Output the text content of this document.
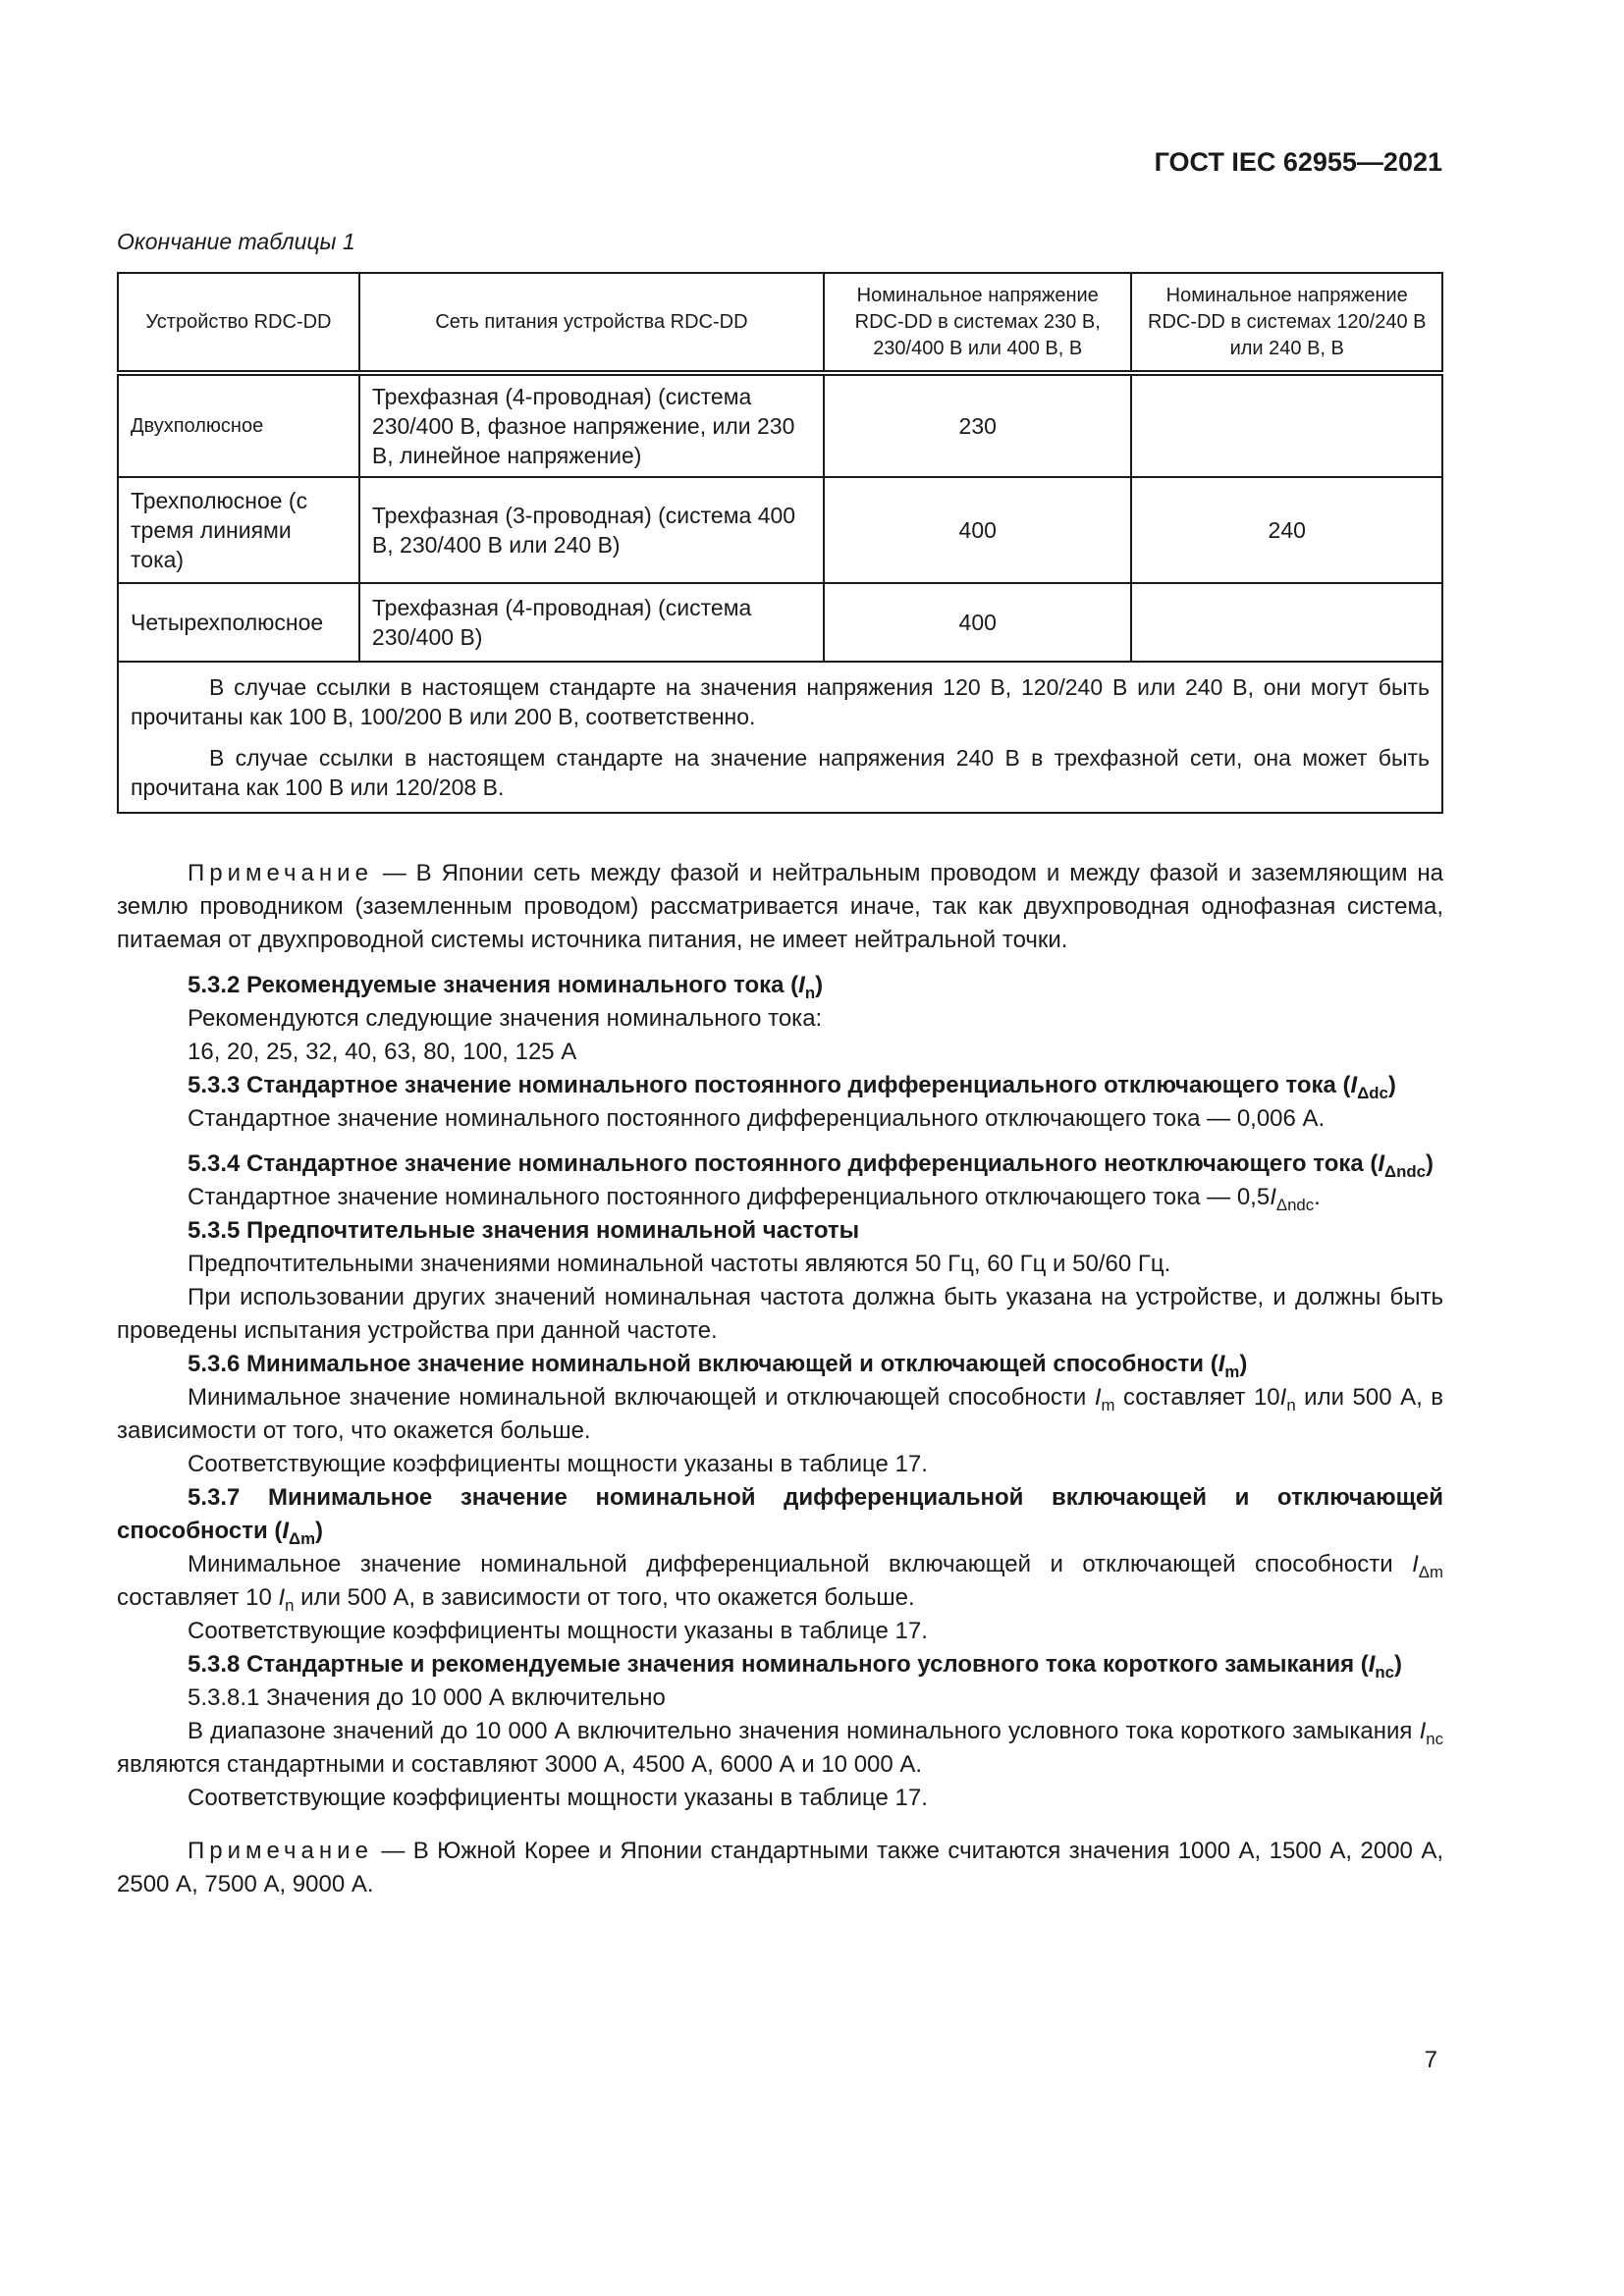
ГОСТ IEC 62955—2021
Окончание таблицы 1
Устройство RDC-DD	Сеть питания устройства RDC-DD	Номинальное напряжение RDC-DD в системах 230 В, 230/400 В или 400 В, В	Номинальное напряжение RDC-DD в системах 120/240 В или 240 В, В
Двухполюсное	Трехфазная (4-проводная) (система 230/400 В, фазное напряжение, или 230 В, линейное напряжение)	230	
Трехполюсное (с тремя линиями тока)	Трехфазная (3-проводная) (система 400 В, 230/400 В или 240 В)	400	240
Четырехполюсное	Трехфазная (4-проводная) (система 230/400 В)	400	

В случае ссылки в настоящем стандарте на значения напряжения 120 В, 120/240 В или 240 В, они могут быть прочитаны как 100 В, 100/200 В или 200 В, соответственно.

В случае ссылки в настоящем стандарте на значение напряжения 240 В в трехфазной сети, она может быть прочитана как 100 В или 120/208 В.			

Примечание — В Японии сеть между фазой и нейтральным проводом и между фазой и заземляющим на землю проводником (заземленным проводом) рассматривается иначе, так как двухпроводная однофазная система, питаемая от двухпроводной системы источника питания, не имеет нейтральной точки.

5.3.2 Рекомендуемые значения номинального тока $(I_n)$

Рекомендуются следующие значения номинального тока:

16, 20, 25, 32, 40, 63, 80, 100, 125 А

5.3.3 Стандартное значение номинального постоянного дифференциального отключающего тока $(I_{\Delta dc})$

Стандартное значение номинального постоянного дифференциального отключающего тока — 0,006 А.

5.3.4 Стандартное значение номинального постоянного дифференциального неотключающего тока $(I_{\Delta ndc})$

Стандартное значение номинального постоянного дифференциального отключающего тока — $0,5I_{\Delta ndc}$.

5.3.5 Предпочтительные значения номинальной частоты

Предпочтительными значениями номинальной частоты являются 50 Гц, 60 Гц и 50/60 Гц.

При использовании других значений номинальная частота должна быть указана на устройстве, и должны быть проведены испытания устройства при данной частоте.

5.3.6 Минимальное значение номинальной включающей и отключающей способности $(I_m)$

Минимальное значение номинальной включающей и отключающей способности $I_m$ составляет $10I_n$ или 500 А, в зависимости от того, что окажется больше.

Соответствующие коэффициенты мощности указаны в таблице 17.

5.3.7 Минимальное значение номинальной дифференциальной включающей и отключающей способности $(I_{\Delta m})$

Минимальное значение номинальной дифференциальной включающей и отключающей способности $I_{\Delta m}$ составляет 10 $I_n$ или 500 А, в зависимости от того, что окажется больше.

Соответствующие коэффициенты мощности указаны в таблице 17.

5.3.8 Стандартные и рекомендуемые значения номинального условного тока короткого замыкания $(I_{nc})$

5.3.8.1 Значения до 10 000 А включительно

В диапазоне значений до 10 000 А включительно значения номинального условного тока короткого замыкания $I_{nc}$ являются стандартными и составляют 3000 А, 4500 А, 6000 А и 10 000 А.

Соответствующие коэффициенты мощности указаны в таблице 17.

Примечание — В Южной Корее и Японии стандартными также считаются значения 1000 А, 1500 А, 2000 А, 2500 А, 7500 А, 9000 А.

7
